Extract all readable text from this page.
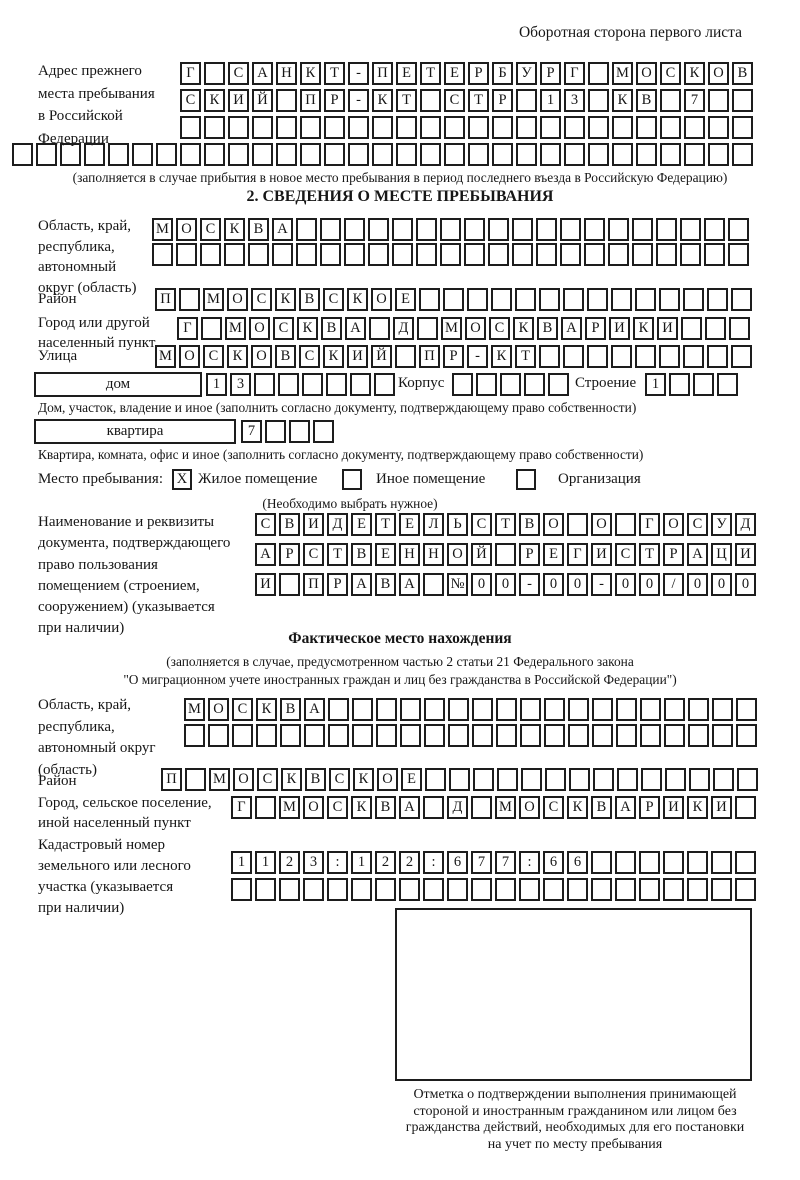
Оборотная сторона первого листа
Адрес прежнего
места пребывания
в Российской
Федерации
Г	С А Н К	Т	-	П Е	Т	Е	Р	Б	У	Р	Г	М О С К О В
С К И Й	П	Р	-	К	Т	С	Т	Р	1	3	К В	7
(заполняется в случае прибытия в новое место пребывания в период последнего въезда в Российскую Федерацию)
2. СВЕДЕНИЯ О МЕСТЕ ПРЕБЫВАНИЯ
Область, край,
республика,
автономный
округ (область)
М О С К В А
Район	П	М О С К В С К О Е
Город или другой
населенный пункт
Г	М О С К В А	Д	М О С К В А	Р	И К И
Улица	М О С К О В С К И Й	П	Р	-	К	Т
дом	1	3	Корпус	Строение	1
Дом, участок, владение и иное (заполнить согласно документу, подтверждающему право собственности)
квартира	7
Квартира, комната, офис и иное (заполнить согласно документу, подтверждающему право собственности)
Место пребывания: X Жилое помещение	Иное помещение	Организация
(Необходимо выбрать нужное)
Наименование и реквизиты
документа, подтверждающего
право пользования
помещением (строением,
сооружением) (указывается
при наличии)
С В И Д	Е	Т	Е	Л	Ь	С	Т	В О	О	Г	О С У Д
А	Р	С	Т	В	Е Н Н О Й	Р	Е	Г	И С	Т	Р	А Ц И
И	П	Р	А В А	№ 0	0	-	0	0	-	0	0	/	0	0	0
Фактическое место нахождения
(заполняется в случае, предусмотренном частью 2 статьи 21 Федерального закона
"О миграционном учете иностранных граждан и лиц без гражданства в Российской Федерации")
Область, край,
республика,
автономный округ
(область)
М О С К В А
Район	П	М О С К В С К О Е
Город, сельское поселение,
иной населенный пункт
Г	М О С К В А	Д	М О С К В А	Р	И К И
Кадастровый номер
земельного или лесного
участка (указывается
при наличии)
1	1	2	3	:	1	2	2	:	6	7	7	:	6	6
Отметка о подтверждении выполнения принимающей
стороной и иностранным гражданином или лицом без
гражданства действий, необходимых для его постановки
на учет по месту пребывания
